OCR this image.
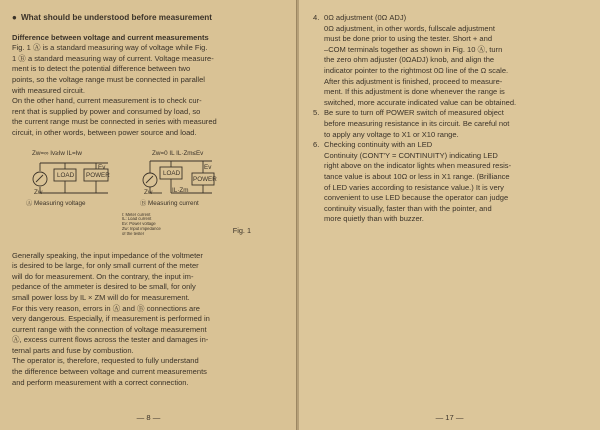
● What should be understood before measurement
Difference between voltage and current measurements
Fig. 1 Ⓐ is a standard measuring way of voltage while Fig.
1 Ⓑ a standard measuring way of current. Voltage measure-
ment is to detect the potential difference between two
points, so the voltage range must be connected in parallel
with measured circuit.
On the other hand, current measurement is to check cur-
rent that is supplied by power and consumed by load, so
the current range must be connected in series with measured
circuit, in other words, between power source and load.
Zw=∞ Iv≥Iw IL=Iw	Zw=0 IL IL·Zm≤Ev
LOAD POWER	LOAD
POWER
Ev	Ev
Zw	Zw	IL·Zm
Ⓐ Measuring voltage	Ⓑ Measuring current
I: Meter current
IL: Load current
Ev: Power voltage
Zw: Input impedance
of the tester	Fig. 1
Generally speaking, the input impedance of the voltmeter
is desired to be large, for only small current of the meter
will do for measurement. On the contrary, the input im-
pedance of the ammeter is desired to be small, for only
small power loss by IL × ZM will do for measurement.
For this very reason, errors in Ⓐ and Ⓑ connections are
very dangerous. Especially, if measurement is performed in
current range with the connection of voltage measurement
Ⓐ, excess current flows across the tester and damages in-
ternal parts and fuse by combustion.
The operator is, therefore, requested to fully understand
the difference between voltage and current measurements
and perform measurement with a correct connection.
— 8 —
4. 0Ω adjustment (0Ω ADJ)
0Ω adjustment, in other words, fullscale adjustment
must be done prior to using the tester. Short + and
–COM terminals together as shown in Fig. 10 Ⓐ, turn
the zero ohm adjuster (0ΩADJ) knob, and align the
indicator pointer to the rightmost 0Ω line of the Ω scale.
After this adjustment is finished, proceed to measure-
ment. If this adjustment is done whenever the range is
switched, more accurate indicated value can be obtained.
5. Be sure to turn off POWER switch of measured object
before measuring resistance in its circuit. Be careful not
to apply any voltage to X1 or X10 range.
6. Checking continuity with an LED
Continuity (CONT'Y = CONTINUITY) indicating LED
right above on the indicator lights when measured resis-
tance value is about 10Ω or less in X1 range. (Brilliance
of LED varies according to resistance value.) It is very
convenient to use LED because the operator can judge
continuity visually, faster than with the pointer, and
more quietly than with buzzer.
— 17 —
